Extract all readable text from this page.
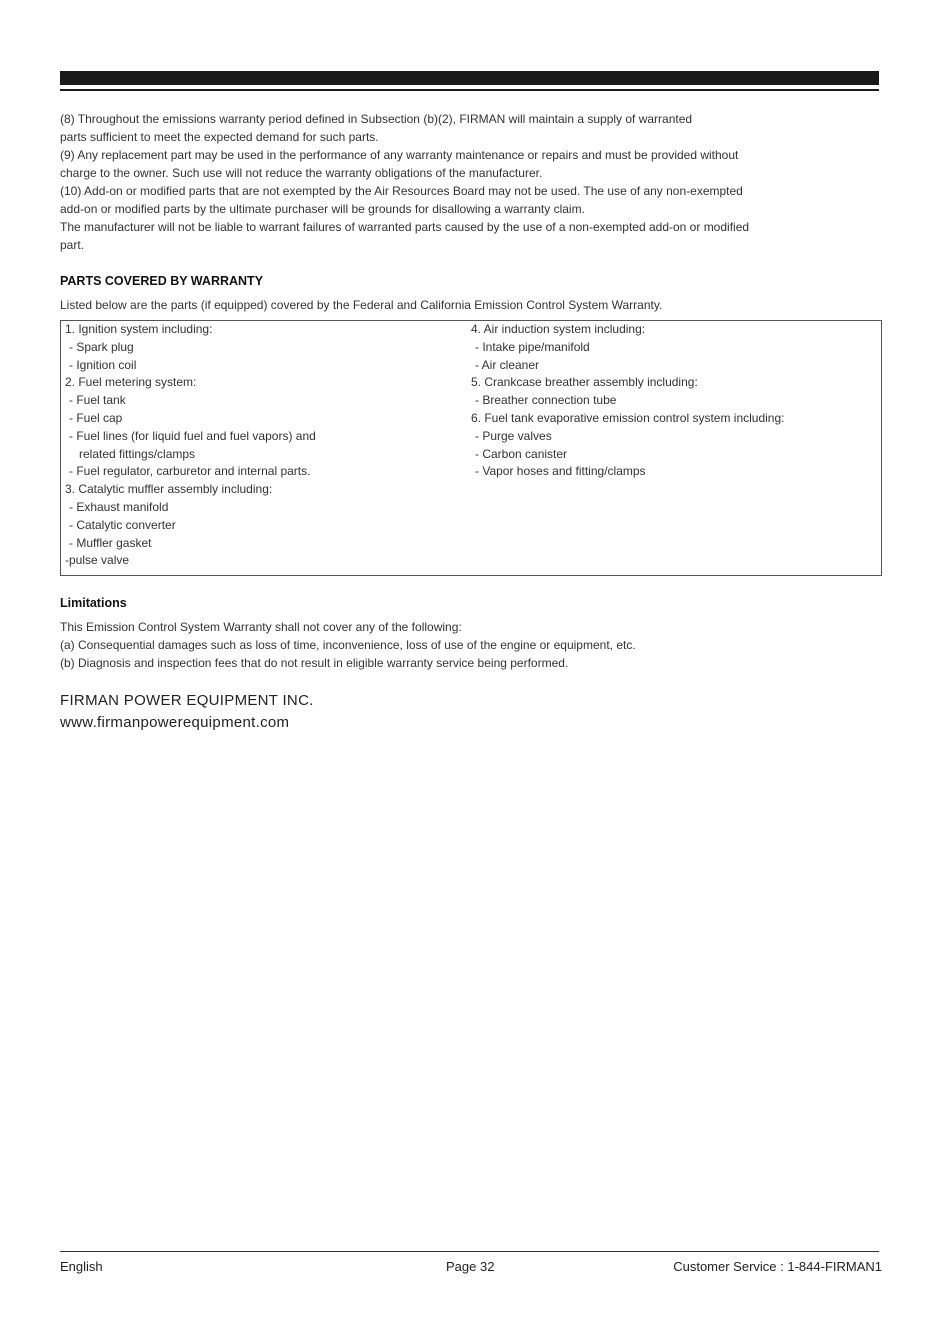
(8) Throughout the emissions warranty period defined in Subsection (b)(2), FIRMAN will maintain a supply of warranted

parts sufficient to meet the expected demand for such parts.

(9) Any replacement part may be used in the performance of any warranty maintenance or repairs and must be provided without

charge to the owner. Such use will not reduce the warranty obligations of the manufacturer.

(10) Add-on or modified parts that are not exempted by the Air Resources Board may not be used. The use of any non-exempted

add-on or modified parts by the ultimate purchaser will be grounds for disallowing a warranty claim.

The manufacturer will not be liable to warrant failures of warranted parts caused by the use of a non-exempted add-on or modified

part.

PARTS COVERED BY WARRANTY

Listed below are the parts (if equipped) covered by the Federal and California Emission Control System Warranty.

1. Ignition system including:

- Spark plug

- Ignition coil

2. Fuel metering system:

- Fuel tank

- Fuel cap

- Fuel lines (for liquid fuel and fuel vapors) and

related fittings/clamps

- Fuel regulator, carburetor and internal parts.

3. Catalytic muffler assembly including:

- Exhaust manifold

- Catalytic converter

- Muffler gasket

-pulse valve

4. Air induction system including:

- Intake pipe/manifold

- Air cleaner

5. Crankcase breather assembly including:

- Breather connection tube

6. Fuel tank evaporative emission control system including:

- Purge valves

- Carbon canister

- Vapor hoses and fitting/clamps

Limitations

This Emission Control System Warranty shall not cover any of the following:

(a) Consequential damages such as loss of time, inconvenience, loss of use of the engine or equipment, etc.

(b) Diagnosis and inspection fees that do not result in eligible warranty service being performed.

FIRMAN POWER EQUIPMENT INC.
www.firmanpowerequipment.com
English	Page 32	Customer Service : 1-844-FIRMAN1
